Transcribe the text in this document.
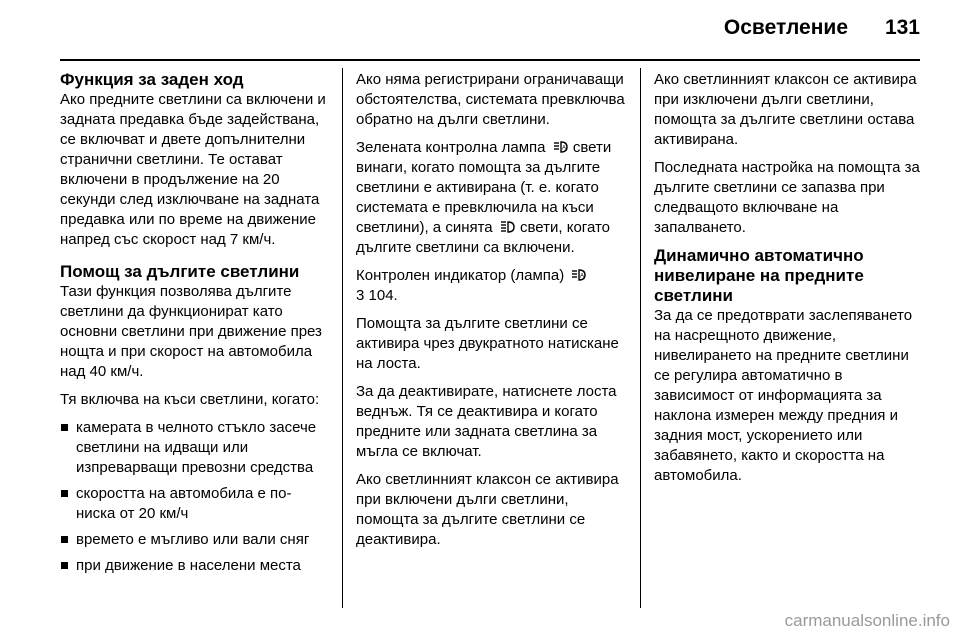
Осветление	131
Функция за заден ход

Ако предните светлини са включени и задната предавка бъде задействана, се включват и двете допълнителни странични светлини. Те остават включени в продължение на 20 секунди след изключване на задната предавка или по време на движение напред със скорост над 7 км/ч.

Помощ за дългите светлини

Тази функция позволява дългите светлини да функционират като основни светлини при движение през нощта и при скорост на автомобила над 40 км/ч.

Тя включва на къси светлини, когато:

камерата в челното стъкло засече светлини на идващи или изпреварващи превозни средства
скоростта на автомобила е по-ниска от 20 км/ч
времето е мъгливо или вали сняг
при движение в населени места

Ако няма регистрирани ограничаващи обстоятелства, системата превключва обратно на дълги светлини.

Зелената контролна лампа	A свети винаги, когато помощта за дългите светлини е активирана (т. е. когато системата е превключила на къси светлини), а синята свети, когато дългите светлини са включени.

Контролен индикатор (лампа)	A

3 104.

Помощта за дългите светлини се активира чрез двукратното натискане на лоста.

За да деактивирате, натиснете лоста веднъж. Тя се деактивира и когато предните или задната светлина за мъгла се включат.

Ако светлинният клаксон се активира при включени дълги светлини, помощта за дългите светлини се деактивира.

Ако светлинният клаксон се активира при изключени дълги светлини, помощта за дългите светлини остава активирана.

Последната настройка на помощта за дългите светлини се запазва при следващото включване на запалването.

Динамично автоматично нивелиране на предните светлини

За да се предотврати заслепяването на насрещното движение, нивелирането на предните светлини се регулира автоматично в зависимост от информацията за наклона измерен между предния и задния мост, ускорението или забавянето, както и скоростта на автомобила.

carmanualsonline.info
